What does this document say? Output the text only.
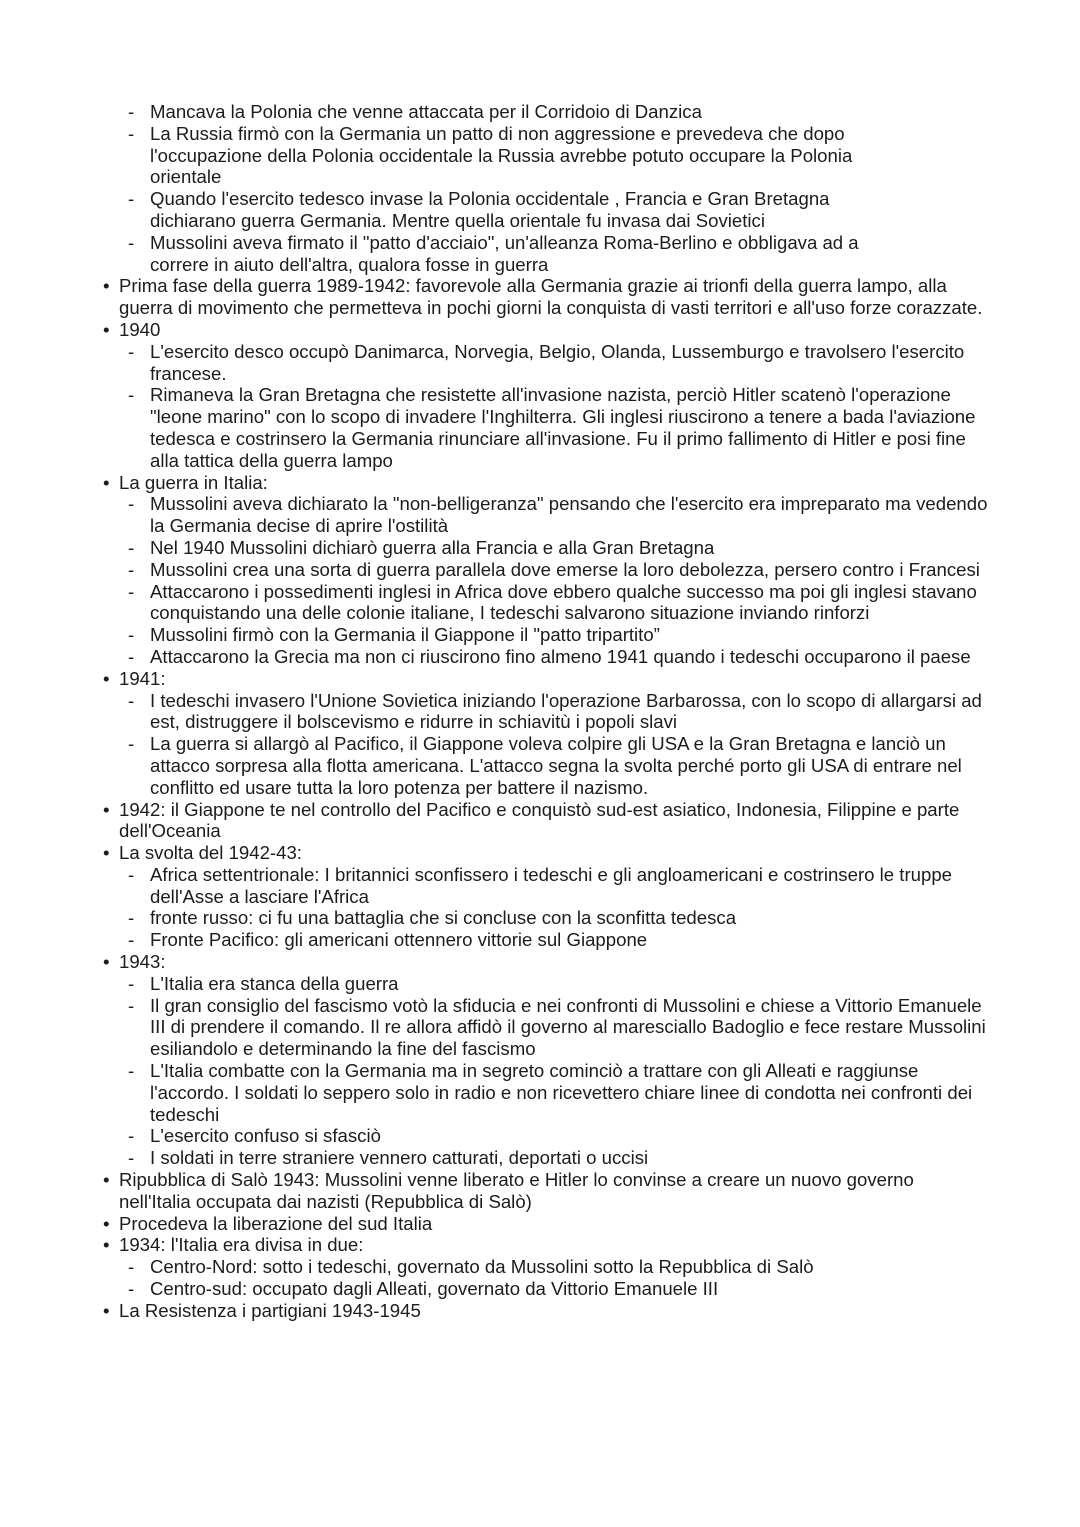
- Mancava la Polonia che venne attaccata per il Corridoio di Danzica
- La Russia firmò con la Germania un patto di non aggressione e prevedeva che dopo l'occupazione della Polonia occidentale la Russia avrebbe potuto occupare la Polonia orientale
- Quando l'esercito tedesco invase la Polonia occidentale , Francia e Gran Bretagna dichiarano guerra Germania. Mentre quella orientale fu invasa dai Sovietici
- Mussolini aveva firmato il "patto d'acciaio", un'alleanza Roma-Berlino e obbligava ad a correre in aiuto dell'altra, qualora fosse in guerra
• Prima fase della guerra 1989-1942: favorevole alla Germania grazie ai trionfi della guerra lampo, alla guerra di movimento che permetteva in pochi giorni la conquista di vasti territori e all'uso forze corazzate.
• 1940
- L'esercito desco occupò Danimarca, Norvegia, Belgio, Olanda, Lussemburgo e travolsero l'esercito francese.
- Rimaneva la Gran Bretagna che resistette all'invasione nazista, perciò Hitler scatenò l'operazione "leone marino" con lo scopo di invadere l'Inghilterra. Gli inglesi riuscirono a tenere a bada l'aviazione tedesca e costrinsero la Germania rinunciare all'invasione. Fu il primo fallimento di Hitler e posi fine alla tattica della guerra lampo
• La guerra in Italia:
- Mussolini aveva dichiarato la "non-belligeranza" pensando che l'esercito era impreparato ma vedendo la Germania decise di aprire l'ostilità
- Nel 1940 Mussolini dichiarò guerra alla Francia e alla Gran Bretagna
- Mussolini crea una sorta di guerra parallela dove emerse la loro debolezza, persero contro i Francesi
- Attaccarono i possedimenti inglesi in Africa dove ebbero qualche successo ma poi gli inglesi stavano conquistando una delle colonie italiane, I tedeschi salvarono situazione inviando rinforzi
- Mussolini firmò con la Germania il Giappone il "patto tripartito”
- Attaccarono la Grecia ma non ci riuscirono fino almeno 1941 quando i tedeschi occuparono il paese
• 1941:
- I tedeschi invasero l'Unione Sovietica iniziando l'operazione Barbarossa, con lo scopo di allargarsi ad est, distruggere il bolscevismo e ridurre in schiavitù i popoli slavi
- La guerra si allargò al Pacifico, il Giappone voleva colpire gli USA e la Gran Bretagna e lanciò un attacco sorpresa alla flotta americana. L'attacco segna la svolta perché porto gli USA di entrare nel conflitto ed usare tutta la loro potenza per battere il nazismo.
• 1942: il Giappone te nel controllo del Pacifico e conquistò sud-est asiatico, Indonesia, Filippine e parte dell'Oceania
• La svolta del 1942-43:
- Africa settentrionale: I britannici sconfissero i tedeschi e gli angloamericani e costrinsero le truppe dell'Asse a lasciare l'Africa
- fronte russo: ci fu una battaglia che si concluse con la sconfitta tedesca
- Fronte Pacifico: gli americani ottennero vittorie sul Giappone
• 1943:
- L'Italia era stanca della guerra
- Il gran consiglio del fascismo votò la sfiducia e nei confronti di Mussolini e chiese a Vittorio Emanuele III di prendere il comando. Il re allora affidò il governo al maresciallo Badoglio e fece restare Mussolini esiliandolo e determinando la fine del fascismo
- L'Italia combatte con la Germania ma in segreto cominciò a trattare con gli Alleati e raggiunse l'accordo. I soldati lo seppero solo in radio e non ricevettero chiare linee di condotta nei confronti dei tedeschi
- L'esercito confuso si sfasciò
- I soldati in terre straniere vennero catturati, deportati o uccisi
• Ripubblica di Salò 1943: Mussolini venne liberato e Hitler lo convinse a creare un nuovo governo nell'Italia occupata dai nazisti (Repubblica di Salò)
• Procedeva la liberazione del sud Italia
• 1934: l'Italia era divisa in due:
- Centro-Nord: sotto i tedeschi, governato da Mussolini sotto la Repubblica di Salò
- Centro-sud: occupato dagli Alleati, governato da Vittorio Emanuele III
• La Resistenza i partigiani 1943-1945
